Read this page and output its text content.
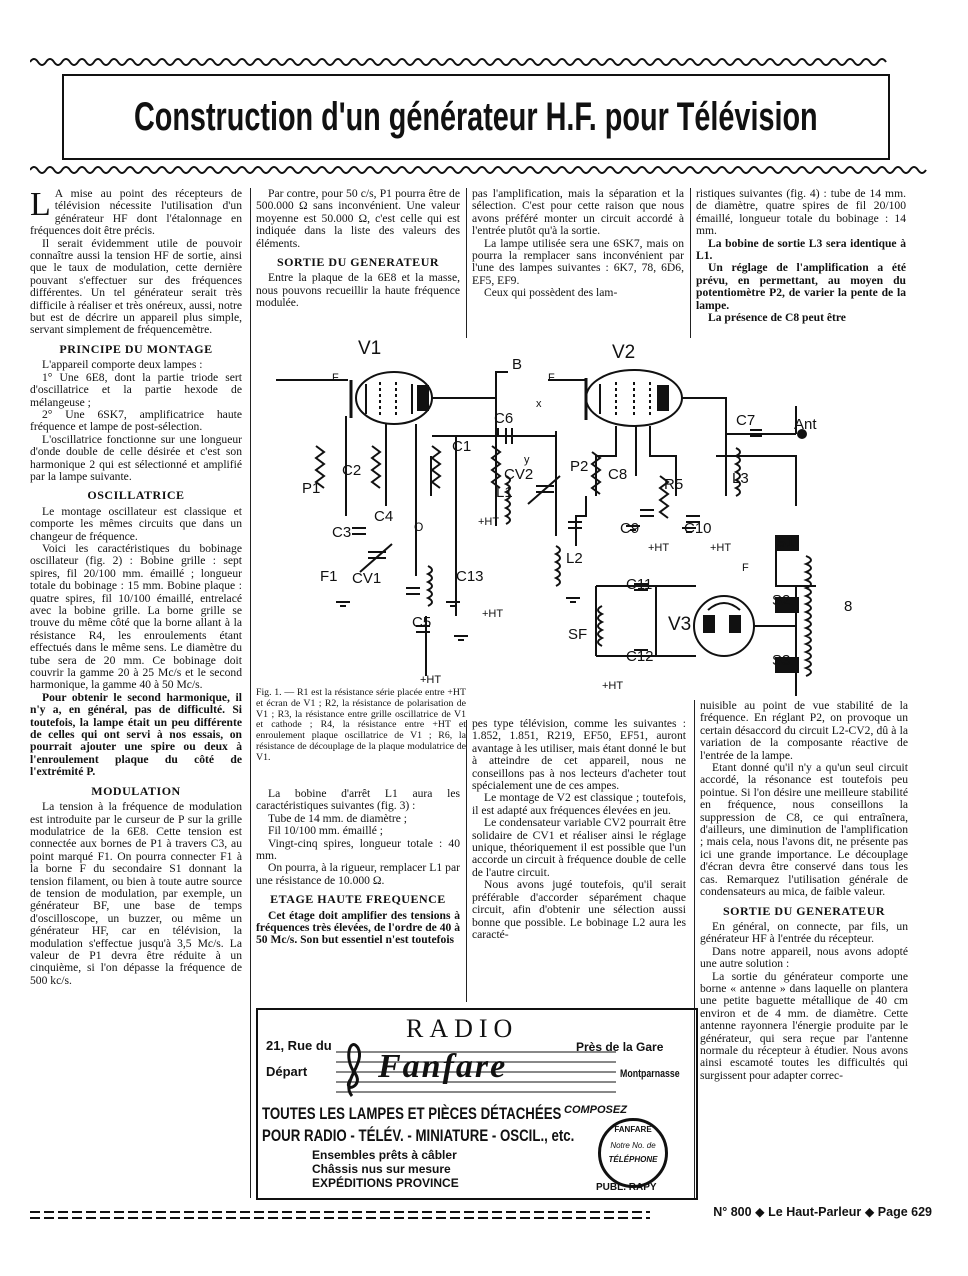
Construction d'un générateur H.F. pour Télévision

L A mise au point des récepteurs de télévision nécessite l'utilisation d'un générateur HF dont l'étalonnage en fréquences doit être précis.

Il serait évidemment utile de pouvoir connaître aussi la tension HF de sortie, ainsi que le taux de modulation, cette dernière pouvant s'effectuer sur des fréquences différentes. Un tel générateur serait très difficile à réaliser et très onéreux, aussi, notre but est de décrire un appareil plus simple, servant simplement de fréquencemètre.

PRINCIPE DU MONTAGE

L'appareil comporte deux lampes :

1° Une 6E8, dont la partie triode sert d'oscillatrice et la partie hexode de mélangeuse ;

2° Une 6SK7, amplificatrice haute fréquence et lampe de post-sélection.

L'oscillatrice fonctionne sur une longueur d'onde double de celle désirée et c'est son harmonique 2 qui est sélectionné et amplifié par la lampe suivante.

OSCILLATRICE

Le montage oscillateur est classique et comporte les mêmes circuits que dans un changeur de fréquence.

Voici les caractéristiques du bobinage oscillateur (fig. 2) : Bobine grille : sept spires, fil 20/100 mm. émaillé ; longueur totale du bobinage : 15 mm. Bobine plaque : quatre spires, fil 10/100 émaillé, entrelacé avec la bobine grille. La borne grille se trouve du même côté que la borne allant à la résistance R4, les enroulements étant effectués dans le même sens. Le diamètre du tube sera de 20 mm. Ce bobinage doit couvrir la gamme 20 à 25 Mc/s et le second harmonique, la gamme 40 à 50 Mc/s.

Pour obtenir le second harmonique, il n'y a, en général, pas de difficulté. Si toutefois, la lampe était un peu différente de celles qui ont servi à nos essais, on pourrait ajouter une spire ou deux à l'enroulement plaque du côté de l'extrémité P.

MODULATION

La tension à la fréquence de modulation est introduite par le curseur de P sur la grille modulatrice de la 6E8. Cette tension est connectée aux bornes de P1 à travers C3, au point marqué F1. On pourra connecter F1 à la borne F du secondaire S1 donnant la tension filament, ou bien à toute autre source de tension de modulation, par exemple, un générateur BF, une base de temps d'oscilloscope, un buzzer, ou même un générateur HF, car en télévision, la modulation s'effectue jusqu'à 3,5 Mc/s. La valeur de P1 devra être réduite à un cinquième, si l'on dépasse la fréquence de 500 kc/s.

Par contre, pour 50 c/s, P1 pourra être de 500.000 Ω sans inconvénient. Une valeur moyenne est 50.000 Ω, c'est celle qui est indiquée dans la liste des valeurs des éléments.

SORTIE DU GENERATEUR

Entre la plaque de la 6E8 et la masse, nous pouvons recueillir la haute fréquence modulée.

pas l'amplification, mais la séparation et la sélection. C'est pour cette raison que nous avons préféré monter un circuit accordé à l'entrée plutôt qu'à la sortie.

La lampe utilisée sera une 6SK7, mais on pourra la remplacer sans inconvénient par l'une des lampes suivantes : 6K7, 78, 6D6, EF5, EF9.

Ceux qui possèdent des lam-

ristiques suivantes (fig. 4) : tube de 14 mm. de diamètre, quatre spires de fil 20/100 émaillé, longueur totale du bobinage : 14 mm.

La bobine de sortie L3 sera identique à L1.

Un réglage de l'amplification a été prévu, en permettant, au moyen du potentiomètre P2, de varier la pente de la lampe.

La présence de C8 peut être

V1	V2
V3
B
F	F
F
F1
P1
C2
C1
C3
C4
CV1
C5
C6
CV2
L1
C13
L2
P2 C8
R5
C7
C12
C10
C9
C11
Ant
L3
S1
S2
S3
SF
+HT
+HT
+HT
+HT	+HT
+HT
8
O
y
x

Fig. 1. — R1 est la résistance série placée entre +HT et écran de V1 ; R2, la résistance de polarisation de V1 ; R3, la résistance entre grille oscillatrice de V1 et cathode ; R4, la résistance entre +HT et enroulement plaque oscillatrice de V1 ; R6, la résistance de découplage de la plaque modulatrice de V1.

La bobine d'arrêt L1 aura les caractéristiques suivantes (fig. 3) :

Tube de 14 mm. de diamètre ;

Fil 10/100 mm. émaillé ;

Vingt-cinq spires, longueur totale : 40 mm.

On pourra, à la rigueur, remplacer L1 par une résistance de 10.000 Ω.

ETAGE HAUTE FREQUENCE

Cet étage doit amplifier des tensions à fréquences très élevées, de l'ordre de 40 à 50 Mc/s. Son but essentiel n'est toutefois

pes type télévision, comme les suivantes : 1.852, 1.851, R219, EF50, EF51, auront avantage à les utiliser, mais étant donné le but à atteindre de cet appareil, nous ne conseillons pas à nos lecteurs d'acheter tout spécialement une de ces ampes.

Le montage de V2 est classique ; toutefois, il est adapté aux fréquences élevées en jeu.

Le condensateur variable CV2 pourrait être solidaire de CV1 et réaliser ainsi le réglage unique, théoriquement il est possible que l'un accorde un circuit à fréquence double de celle de l'autre circuit.

Nous avons jugé toutefois, qu'il serait préférable d'accorder séparément chaque circuit, afin d'obtenir une sélection aussi bonne que possible. Le bobinage L2 aura les caracté-

nuisible au point de vue stabilité de la fréquence. En réglant P2, on provoque un certain désaccord du circuit L2-CV2, dû à la variation de la composante réactive de l'entrée de la lampe.

Etant donné qu'il n'y a qu'un seul circuit accordé, la résonance est toutefois peu pointue. Si l'on désire une meilleure stabilité en fréquence, nous conseillons la suppression de C8, ce qui entraînera, d'ailleurs, une diminution de l'amplification ; mais cela, nous l'avons dit, ne présente pas ici une grande importance. Le découplage d'écran devra être conservé dans tous les cas. Remarquez l'utilisation générale de condensateurs au mica, de faible valeur.

SORTIE DU GENERATEUR

En général, on connecte, par fils, un générateur HF à l'entrée du récepteur.

Dans notre appareil, nous avons adopté une autre solution :

La sortie du générateur comporte une borne « antenne » dans laquelle on plantera une petite baguette métallique de 40 cm environ et de 4 mm. de diamètre. Cette antenne rayonnera l'énergie produite par le générateur, qui sera reçue par l'antenne normale du récepteur à étudier. Nous avons ainsi escamoté toutes les difficultés qui surgissent pour adapter correc-

RADIO
21, Rue du
Départ Fanfare
Près de la Gare
Montparnasse
TOUTES LES LAMPES ET PIÈCES DÉTACHÉES
POUR RADIO - TÉLÉV. - MINIATURE - OSCIL., etc.
Ensembles prêts à câbler
Châssis nus sur mesure
EXPÉDITIONS PROVINCE
COMPOSEZ
FANFARE
Notre No. de
TÉLÉPHONE
PUBL. RAPY
N° 800 ◆ Le Haut-Parleur ◆ Page 629
